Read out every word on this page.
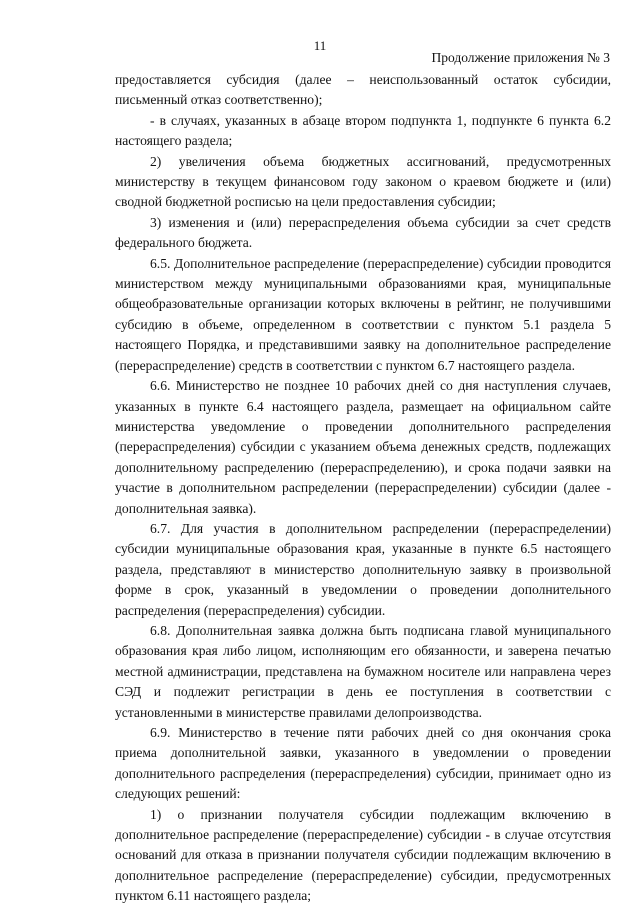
11
Продолжение приложения № 3

предоставляется субсидия (далее – неиспользованный остаток субсидии, письменный отказ соответственно);

- в случаях, указанных в абзаце втором подпункта 1, подпункте 6 пункта 6.2 настоящего раздела;

2) увеличения объема бюджетных ассигнований, предусмотренных министерству в текущем финансовом году законом о краевом бюджете и (или) сводной бюджетной росписью на цели предоставления субсидии;

3) изменения и (или) перераспределения объема субсидии за счет средств федерального бюджета.

6.5. Дополнительное распределение (перераспределение) субсидии проводится министерством между муниципальными образованиями края, муниципальные общеобразовательные организации которых включены в рейтинг, не получившими субсидию в объеме, определенном в соответствии с пунктом 5.1 раздела 5 настоящего Порядка, и представившими заявку на дополнительное распределение (перераспределение) средств в соответствии с пунктом 6.7 настоящего раздела.

6.6. Министерство не позднее 10 рабочих дней со дня наступления случаев, указанных в пункте 6.4 настоящего раздела, размещает на официальном сайте министерства уведомление о проведении дополнительного распределения (перераспределения) субсидии с указанием объема денежных средств, подлежащих дополнительному распределению (перераспределению), и срока подачи заявки на участие в дополнительном распределении (перераспределении) субсидии (далее - дополнительная заявка).

6.7. Для участия в дополнительном распределении (перераспределении) субсидии муниципальные образования края, указанные в пункте 6.5 настоящего раздела, представляют в министерство дополнительную заявку в произвольной форме в срок, указанный в уведомлении о проведении дополнительного распределения (перераспределения) субсидии.

6.8. Дополнительная заявка должна быть подписана главой муниципального образования края либо лицом, исполняющим его обязанности, и заверена печатью местной администрации, представлена на бумажном носителе или направлена через СЭД и подлежит регистрации в день ее поступления в соответствии с установленными в министерстве правилами делопроизводства.

6.9. Министерство в течение пяти рабочих дней со дня окончания срока приема дополнительной заявки, указанного в уведомлении о проведении дополнительного распределения (перераспределения) субсидии, принимает одно из следующих решений:

1) о признании получателя субсидии подлежащим включению в дополнительное распределение (перераспределение) субсидии - в случае отсутствия оснований для отказа в признании получателя субсидии подлежащим включению в дополнительное распределение (перераспределение) субсидии, предусмотренных пунктом 6.11 настоящего раздела;
